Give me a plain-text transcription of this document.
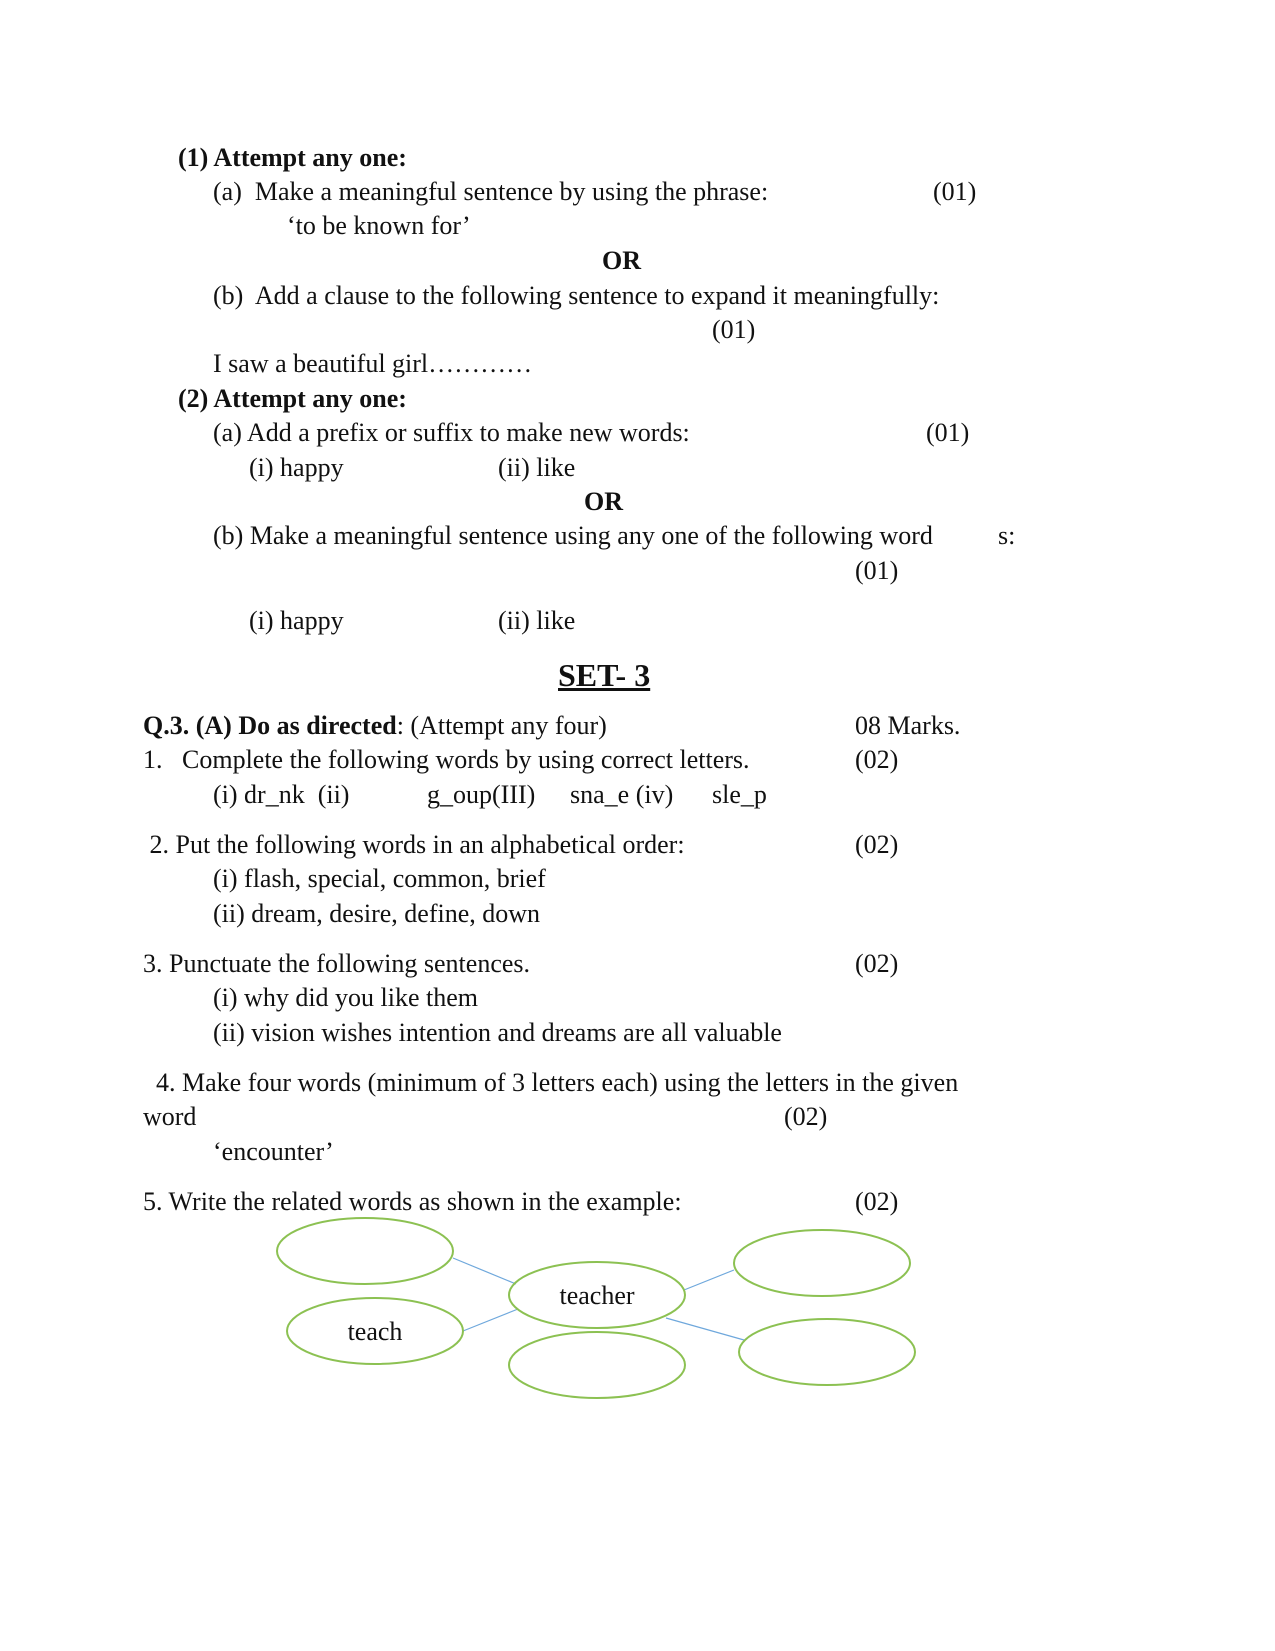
(1) Attempt any one:
(a)  Make a meaningful sentence by using the phrase:	(01)
‘to be known for’
OR
(b)  Add a clause to the following sentence to expand it meaningfully:
(01)
I saw a beautiful girl…………
(2) Attempt any one:
(a) Add a prefix or suffix to make new words:	(01)
(i) happy	(ii) like
OR
(b) Make a meaningful sentence using any one of the following word	s:
(01)
(i) happy	(ii) like
SET- 3
Q.3. (A) Do as directed: (Attempt any four)	08 Marks.
1.   Complete the following words by using correct letters.	(02)
(i) dr_nk  (ii)	g_oup(III) sna_e (iv) sle_p
2. Put the following words in an alphabetical order:	(02)
(i) flash, special, common, brief
(ii) dream, desire, define, down
3. Punctuate the following sentences.	(02)
(i) why did you like them
(ii) vision wishes intention and dreams are all valuable
4. Make four words (minimum of 3 letters each) using the letters in the given
word	(02)
‘encounter’
5. Write the related words as shown in the example:	(02)
teacher
teach
